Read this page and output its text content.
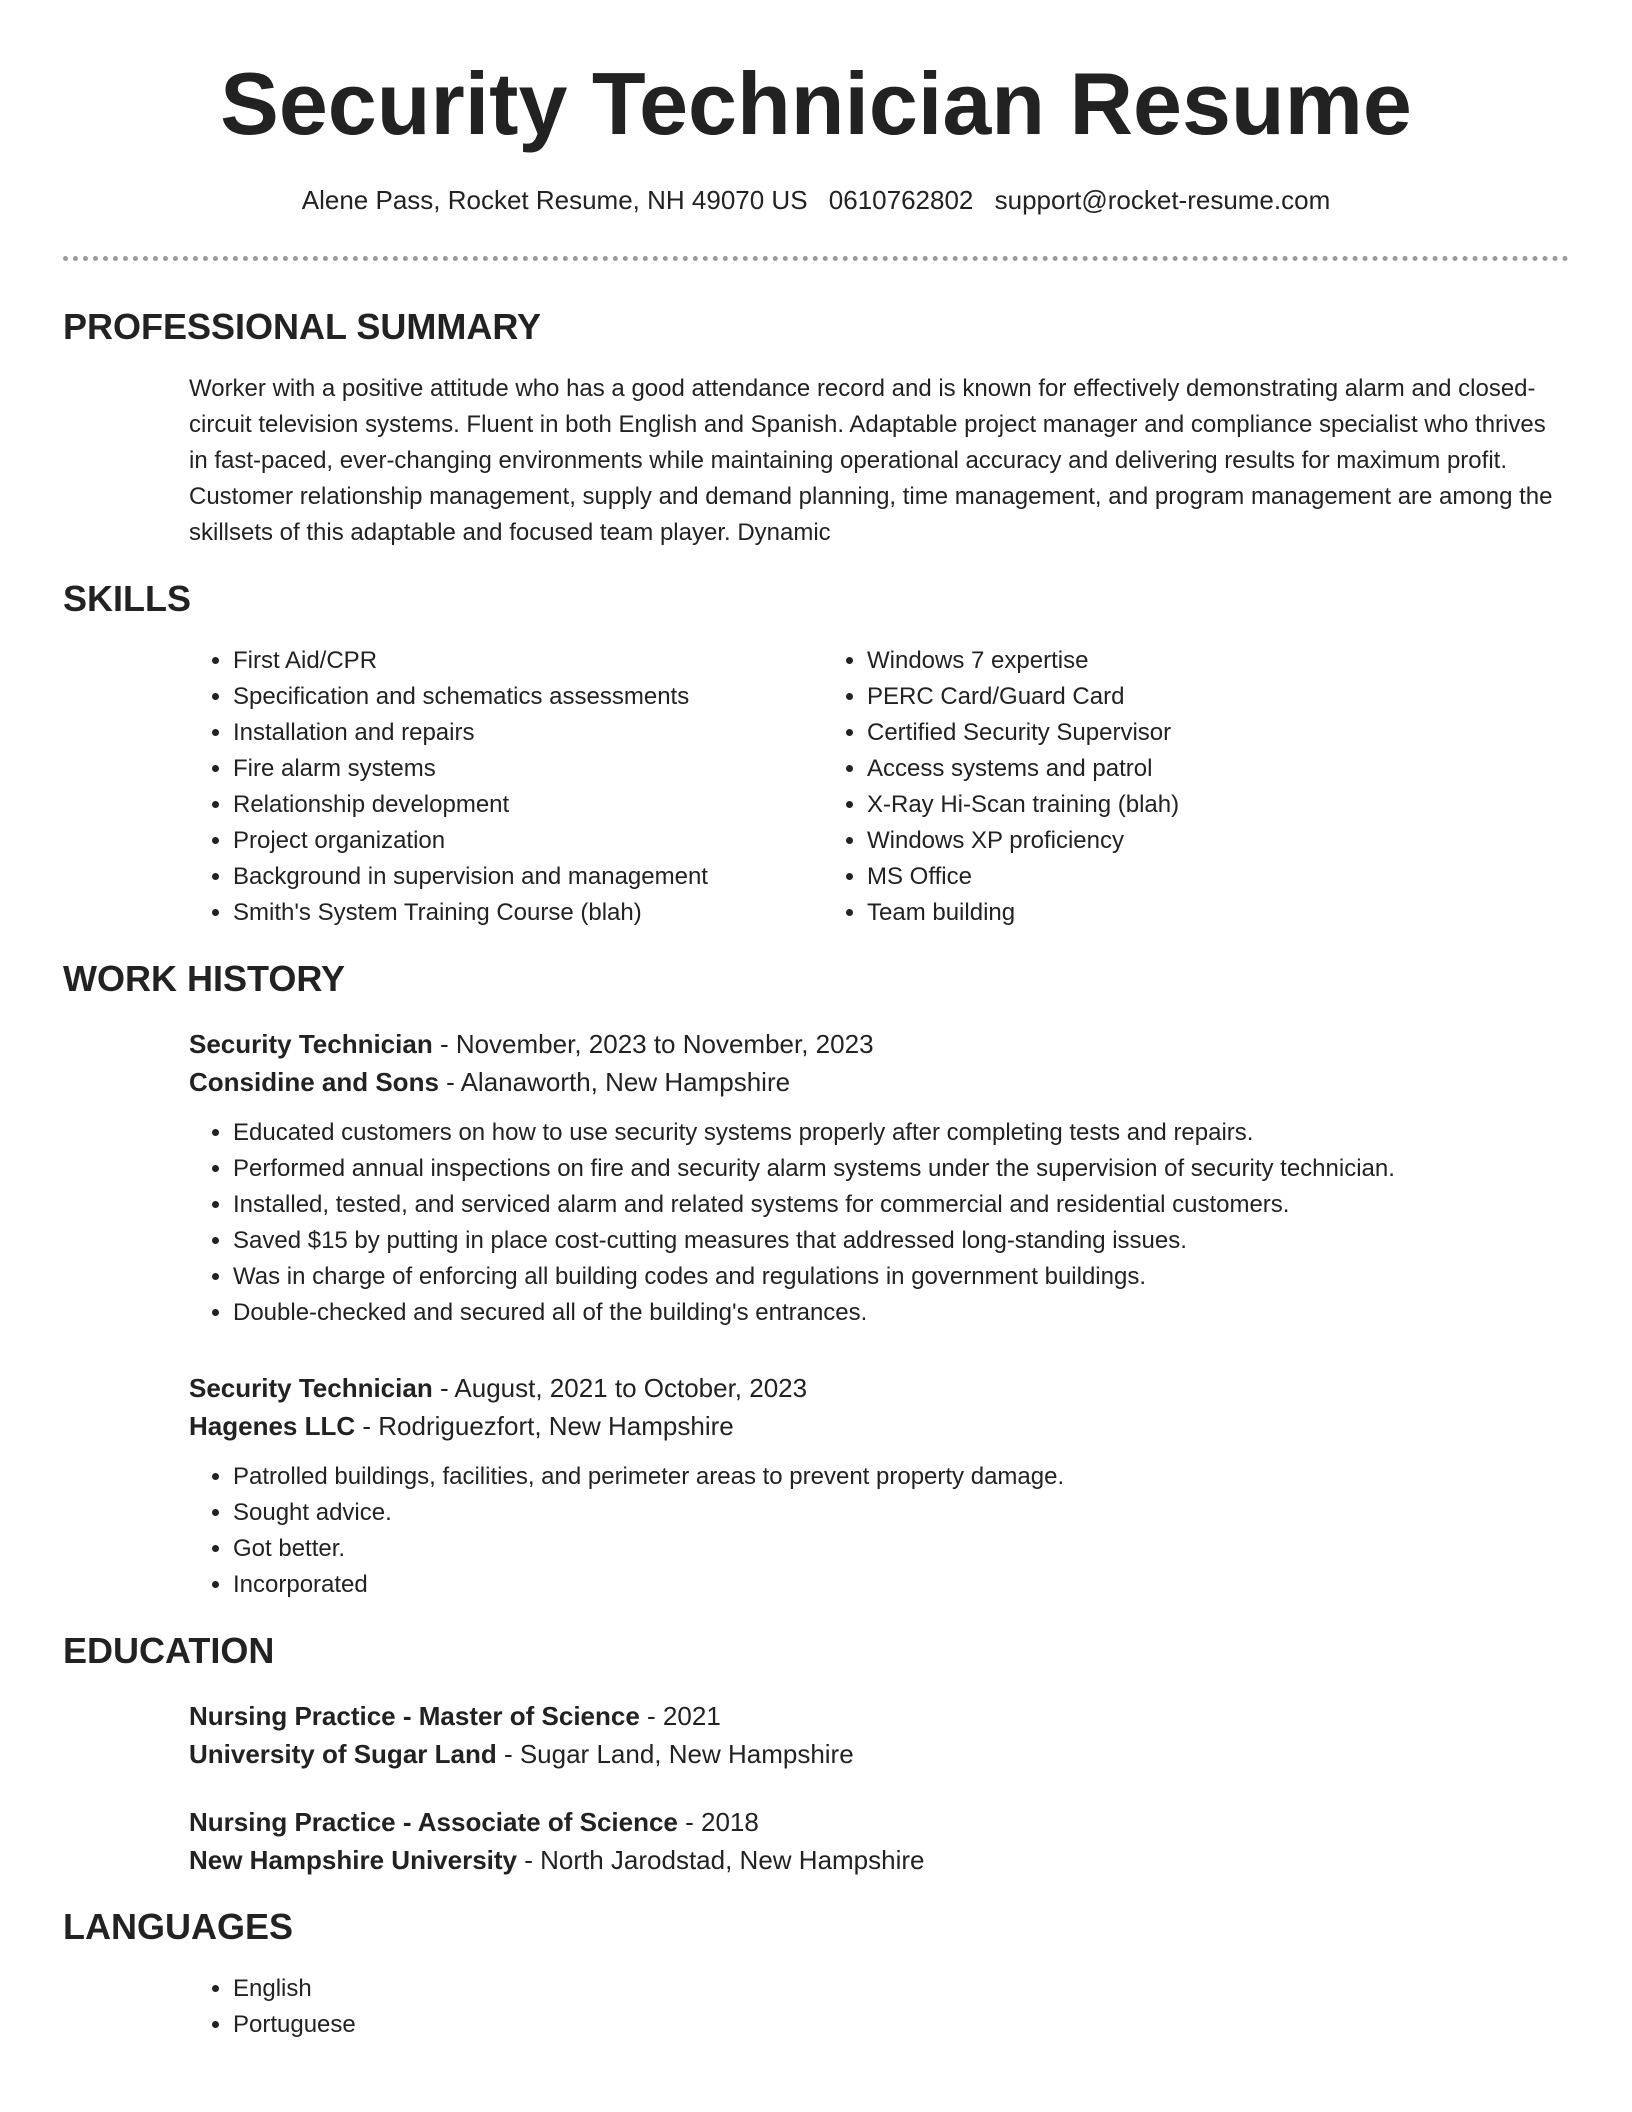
Security Technician Resume
Alene Pass, Rocket Resume, NH 49070 US 0610762802 support@rocket-resume.com
PROFESSIONAL SUMMARY

Worker with a positive attitude who has a good attendance record and is known for effectively demonstrating alarm and closed-circuit television systems. Fluent in both English and Spanish. Adaptable project manager and compliance specialist who thrives in fast-paced, ever-changing environments while maintaining operational accuracy and delivering results for maximum profit. Customer relationship management, supply and demand planning, time management, and program management are among the skillsets of this adaptable and focused team player. Dynamic

SKILLS
• First Aid/CPR
• Specification and schematics assessments
• Installation and repairs
• Fire alarm systems
• Relationship development
• Project organization
• Background in supervision and management
• Smith's System Training Course (blah)
• Windows 7 expertise
• PERC Card/Guard Card
• Certified Security Supervisor
• Access systems and patrol
• X-Ray Hi-Scan training (blah)
• Windows XP proficiency
• MS Office
• Team building
WORK HISTORY
Security Technician - November, 2023 to November, 2023
Considine and Sons - Alanaworth, New Hampshire
• Educated customers on how to use security systems properly after completing tests and repairs.
• Performed annual inspections on fire and security alarm systems under the supervision of security technician.
• Installed, tested, and serviced alarm and related systems for commercial and residential customers.
• Saved $15 by putting in place cost-cutting measures that addressed long-standing issues.
• Was in charge of enforcing all building codes and regulations in government buildings.
• Double-checked and secured all of the building's entrances.
Security Technician - August, 2021 to October, 2023
Hagenes LLC - Rodriguezfort, New Hampshire
• Patrolled buildings, facilities, and perimeter areas to prevent property damage.
• Sought advice.
• Got better.
• Incorporated
EDUCATION
Nursing Practice - Master of Science - 2021
University of Sugar Land - Sugar Land, New Hampshire
Nursing Practice - Associate of Science - 2018
New Hampshire University - North Jarodstad, New Hampshire
LANGUAGES
• English
• Portuguese
